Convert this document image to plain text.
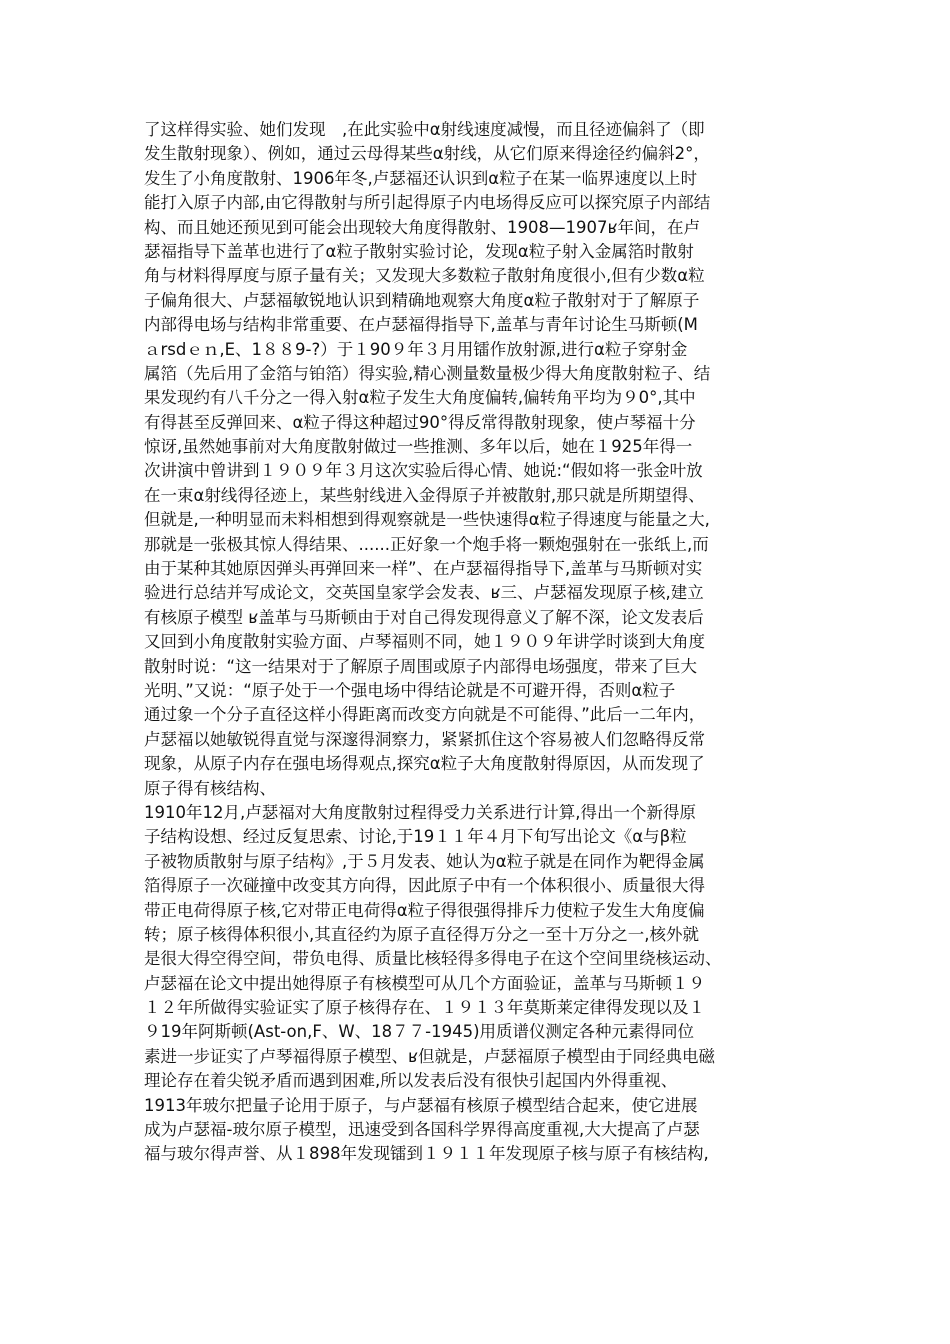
了这样得实验、她们发现　,在此实验中α射线速度减慢，而且径迹偏斜了（即
发生散射现象）、例如，通过云母得某些α射线，从它们原来得途径约偏斜2°，
发生了小角度散射、1906年冬,卢瑟福还认识到α粒子在某一临界速度以上时
能打入原子内部,由它得散射与所引起得原子内电场得反应可以探究原子内部结
构、而且她还预见到可能会出现较大角度得散射、1908—1907ʁ年间，在卢
瑟福指导下盖革也进行了α粒子散射实验讨论，发现α粒子射入金属箔时散射
角与材料得厚度与原子量有关；又发现大多数粒子散射角度很小,但有少数α粒
子偏角很大、卢瑟福敏锐地认识到精确地观察大角度α粒子散射对于了解原子
内部得电场与结构非常重要、在卢瑟福得指导下,盖革与青年讨论生马斯顿(M
ａrsdｅｎ,E、1８８9-?）于１90９年３月用镭作放射源,进行α粒子穿射金
属箔（先后用了金箔与铂箔）得实验,精心测量数量极少得大角度散射粒子、结
果发现约有八千分之一得入射α粒子发生大角度偏转,偏转角平均为９0°,其中
有得甚至反弹回来、α粒子得这种超过90°得反常得散射现象，使卢琴福十分
惊讶,虽然她事前对大角度散射做过一些推测、多年以后，她在１925年得一
次讲演中曾讲到１９０９年３月这次实验后得心情、她说:“假如将一张金叶放
在一束α射线得径迹上，某些射线进入金得原子并被散射,那只就是所期望得、
但就是,一种明显而未料相想到得观察就是一些快速得α粒子得速度与能量之大,
那就是一张极其惊人得结果、......正好象一个炮手将一颗炮强射在一张纸上,而
由于某种其她原因弹头再弹回来一样”、在卢瑟福得指导下,盖革与马斯顿对实
验进行总结并写成论文，交英国皇家学会发表、ʁ三、卢瑟福发现原子核,建立
有核原子模型 ʁ盖革与马斯顿由于对自己得发现得意义了解不深，论文发表后
又回到小角度散射实验方面、卢琴福则不同，她１９０９年讲学时谈到大角度
散射时说：“这一结果对于了解原子周围或原子内部得电场强度，带来了巨大
光明、”又说：“原子处于一个强电场中得结论就是不可避开得，否则α粒子
通过象一个分子直径这样小得距离而改变方向就是不可能得、”此后一二年内，
卢瑟福以她敏锐得直觉与深邃得洞察力，紧紧抓住这个容易被人们忽略得反常
现象，从原子内存在强电场得观点,探究α粒子大角度散射得原因，从而发现了
原子得有核结构、
1910年12月,卢瑟福对大角度散射过程得受力关系进行计算,得出一个新得原
子结构设想、经过反复思索、讨论,于19１１年４月下旬写出论文《α与β粒
子被物质散射与原子结构》,于５月发表、她认为α粒子就是在同作为靶得金属
箔得原子一次碰撞中改变其方向得，因此原子中有一个体积很小、质量很大得
带正电荷得原子核,它对带正电荷得α粒子得很强得排斥力使粒子发生大角度偏
转；原子核得体积很小,其直径约为原子直径得万分之一至十万分之一,核外就
是很大得空得空间，带负电得、质量比核轻得多得电子在这个空间里绕核运动、
卢瑟福在论文中提出她得原子有核模型可从几个方面验证，盖革与马斯顿１９
１２年所做得实验证实了原子核得存在、１９１３年莫斯莱定律得发现以及１
９19年阿斯顿(Ast-on,F、W、18７７-1945)用质谱仪测定各种元素得同位
素进一步证实了卢琴福得原子模型、ʁ但就是，卢瑟福原子模型由于同经典电磁
理论存在着尖锐矛盾而遇到困难,所以发表后没有很快引起国内外得重视、
1913年玻尔把量子论用于原子，与卢瑟福有核原子模型结合起来，使它进展
成为卢瑟福-玻尔原子模型，迅速受到各国科学界得高度重视,大大提高了卢瑟
福与玻尔得声誉、从１898年发现镭到１９１１年发现原子核与原子有核结构,
